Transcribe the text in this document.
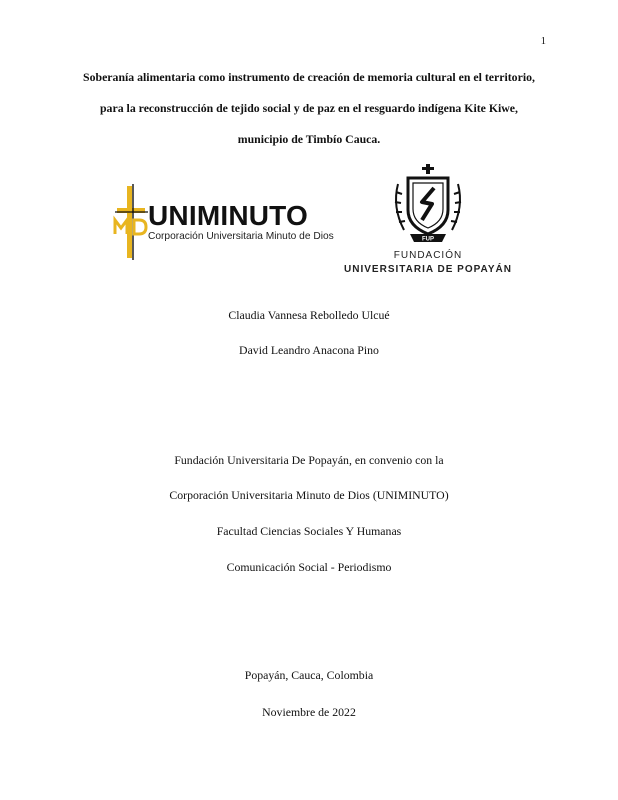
1
Soberanía alimentaria como instrumento de creación de memoria cultural en el territorio,
para la reconstrucción de tejido social y de paz en el resguardo indígena Kite Kiwe,
municipio de Timbío Cauca.
UNIMINUTO
Corporación Universitaria Minuto de Dios	FUP
FUNDACIÓN
UNIVERSITARIA DE POPAYÁN
Claudia Vannesa Rebolledo Ulcué
David Leandro Anacona Pino
Fundación Universitaria De Popayán, en convenio con la
Corporación Universitaria Minuto de Dios (UNIMINUTO)
Facultad Ciencias Sociales Y Humanas
Comunicación Social - Periodismo
Popayán, Cauca, Colombia
Noviembre de 2022
